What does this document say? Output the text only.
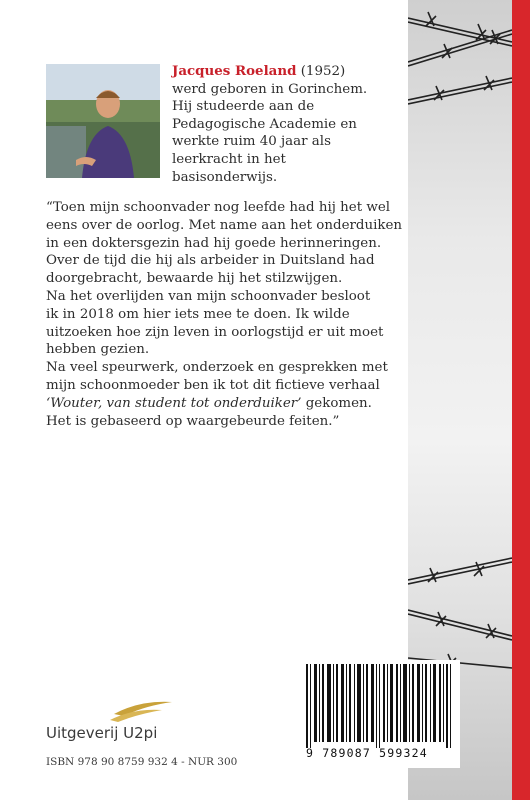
Jacques Roeland (1952) werd geboren in Gorinchem. Hij studeerde aan de Pedagogische Academie en werkte ruim 40 jaar als leerkracht in het basisonderwijs.

“Toen mijn schoonvader nog leefde had hij het wel
eens over de oorlog. Met name aan het onderduiken
in een doktersgezin had hij goede herinneringen.
Over de tijd die hij als arbeider in Duitsland had
doorgebracht, bewaarde hij het stilzwijgen.

Na het overlijden van mijn schoonvader besloot
ik in 2018 om hier iets mee te doen. Ik wilde
uitzoeken hoe zijn leven in oorlogstijd er uit moet
hebben gezien.

Na veel speurwerk, onderzoek en gesprekken met
mijn schoonmoeder ben ik tot dit fictieve verhaal
‘Wouter, van student tot onderduiker’ gekomen.
Het is gebaseerd op waargebeurde feiten.”

Uitgeverij U2pi
ISBN 978 90 8759 932 4 - NUR 300
9 789087 599324
